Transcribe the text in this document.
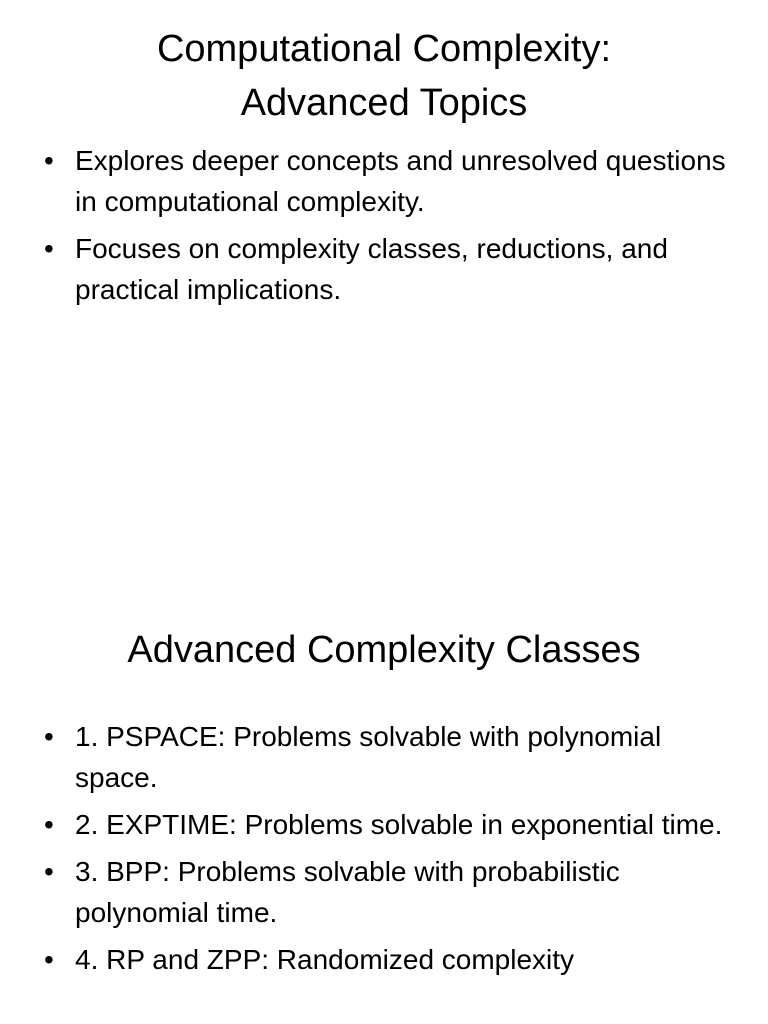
Computational Complexity:
Advanced Topics
• Explores deeper concepts and unresolved questions in computational complexity.
• Focuses on complexity classes, reductions, and practical implications.
Advanced Complexity Classes
• 1. PSPACE: Problems solvable with polynomial space.
• 2. EXPTIME: Problems solvable in exponential time.
• 3. BPP: Problems solvable with probabilistic polynomial time.
• 4. RP and ZPP: Randomized complexity
